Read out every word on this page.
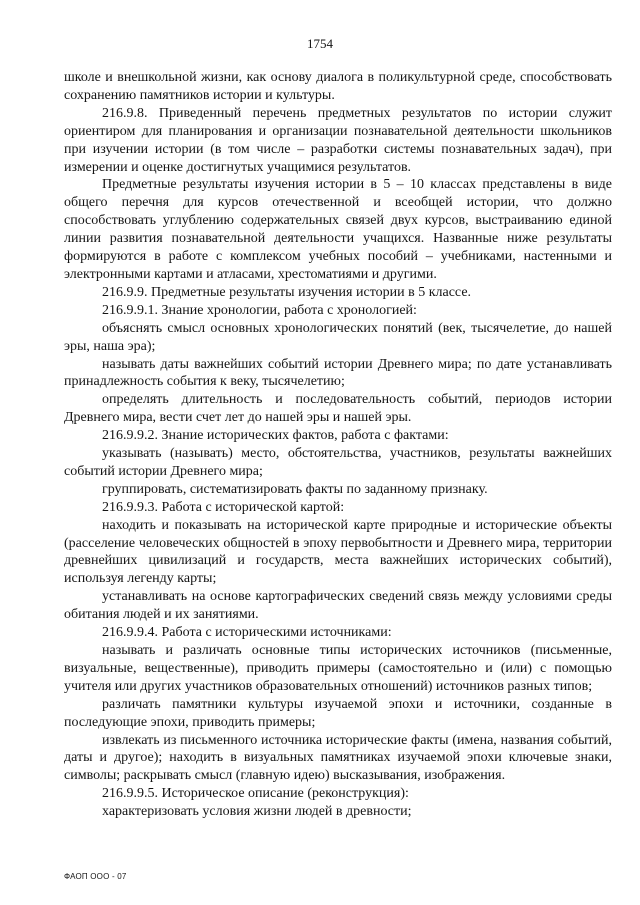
1754

школе и внешкольной жизни, как основу диалога в поликультурной среде, способствовать сохранению памятников истории и культуры.

216.9.8. Приведенный перечень предметных результатов по истории служит ориентиром для планирования и организации познавательной деятельности школьников при изучении истории (в том числе – разработки системы познавательных задач), при измерении и оценке достигнутых учащимися результатов.

Предметные результаты изучения истории в 5 – 10 классах представлены в виде общего перечня для курсов отечественной и всеобщей истории, что должно способствовать углублению содержательных связей двух курсов, выстраиванию единой линии развития познавательной деятельности учащихся. Названные ниже результаты формируются в работе с комплексом учебных пособий – учебниками, настенными и электронными картами и атласами, хрестоматиями и другими.

216.9.9. Предметные результаты изучения истории в 5 классе.

216.9.9.1. Знание хронологии, работа с хронологией:

объяснять смысл основных хронологических понятий (век, тысячелетие, до нашей эры, наша эра);

называть даты важнейших событий истории Древнего мира; по дате устанавливать принадлежность события к веку, тысячелетию;

определять длительность и последовательность событий, периодов истории Древнего мира, вести счет лет до нашей эры и нашей эры.

216.9.9.2. Знание исторических фактов, работа с фактами:

указывать (называть) место, обстоятельства, участников, результаты важнейших событий истории Древнего мира;

группировать, систематизировать факты по заданному признаку.

216.9.9.3. Работа с исторической картой:

находить и показывать на исторической карте природные и исторические объекты (расселение человеческих общностей в эпоху первобытности и Древнего мира, территории древнейших цивилизаций и государств, места важнейших исторических событий), используя легенду карты;

устанавливать на основе картографических сведений связь между условиями среды обитания людей и их занятиями.

216.9.9.4. Работа с историческими источниками:

называть и различать основные типы исторических источников (письменные, визуальные, вещественные), приводить примеры (самостоятельно и (или) с помощью учителя или других участников образовательных отношений) источников разных типов;

различать памятники культуры изучаемой эпохи и источники, созданные в последующие эпохи, приводить примеры;

извлекать из письменного источника исторические факты (имена, названия событий, даты и другое); находить в визуальных памятниках изучаемой эпохи ключевые знаки, символы; раскрывать смысл (главную идею) высказывания, изображения.

216.9.9.5. Историческое описание (реконструкция):

характеризовать условия жизни людей в древности;

ФАОП ООО - 07
